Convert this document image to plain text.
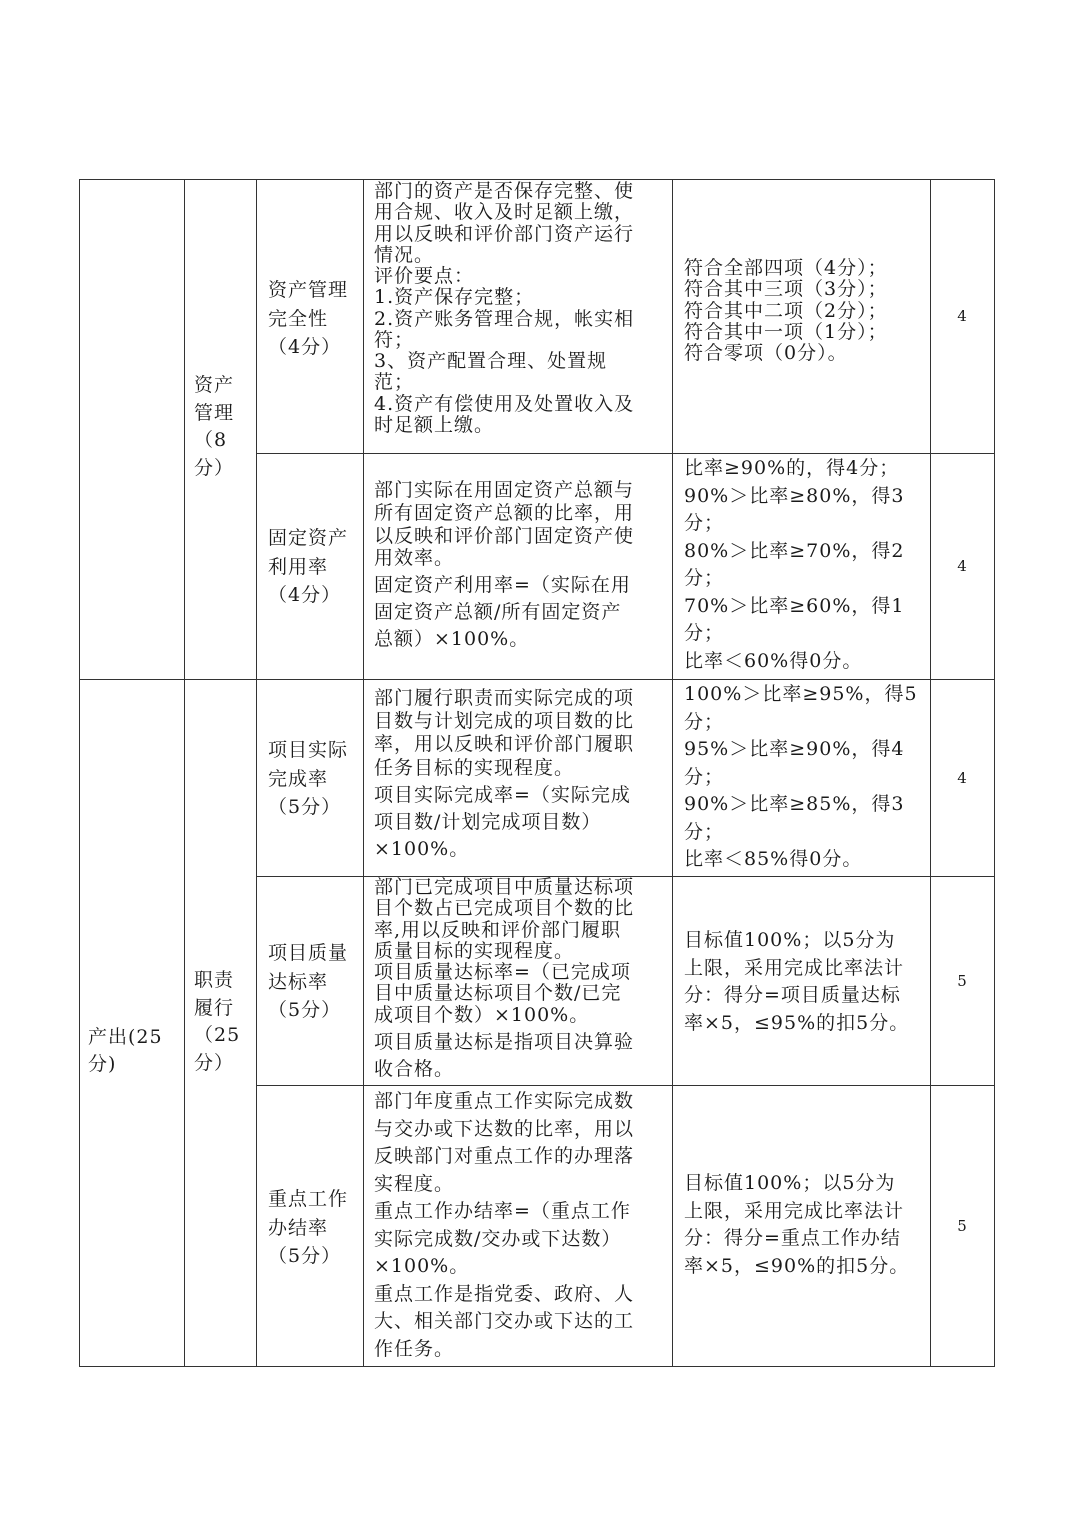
产出(25分)
资产
管理
（8
分）
职责
履行
（25
分）
资产管理
完全性
（4分）
部门的资产是否保存完整、使
用合规、收入及时足额上缴，
用以反映和评价部门资产运行
情况。
评价要点：
1.资产保存完整；
2.资产账务管理合规，帐实相
符；
3、资产配置合理、处置规
范；
4.资产有偿使用及处置收入及
时足额上缴。
符合全部四项（4分）；
符合其中三项（3分）；
符合其中二项（2分）；
符合其中一项（1分）；
符合零项（0分）。
4
固定资产
利用率
（4分）
部门实际在用固定资产总额与
所有固定资产总额的比率，用
以反映和评价部门固定资产使
用效率。
固定资产利用率=（实际在用
固定资产总额/所有固定资产
总额）×100%。
比率≥90%的，得4分；
90%＞比率≥80%，得3
分；
80%＞比率≥70%，得2
分；
70%＞比率≥60%，得1
分；
比率＜60%得0分。
4
项目实际
完成率
（5分）
部门履行职责而实际完成的项
目数与计划完成的项目数的比
率，用以反映和评价部门履职
任务目标的实现程度。
项目实际完成率=（实际完成
项目数/计划完成项目数）
×100%。
100%＞比率≥95%，得5
分；
95%＞比率≥90%，得4
分；
90%＞比率≥85%，得3
分；
比率＜85%得0分。
4
项目质量
达标率
（5分）
部门已完成项目中质量达标项
目个数占已完成项目个数的比
率,用以反映和评价部门履职
质量目标的实现程度。
项目质量达标率=（已完成项
目中质量达标项目个数/已完
成项目个数）×100%。
项目质量达标是指项目决算验
收合格。
目标值100%；以5分为
上限，采用完成比率法计
分：得分=项目质量达标
率×5，≤95%的扣5分。
5
重点工作
办结率
（5分）
部门年度重点工作实际完成数
与交办或下达数的比率，用以
反映部门对重点工作的办理落
实程度。
重点工作办结率=（重点工作
实际完成数/交办或下达数）
×100%。
重点工作是指党委、政府、人
大、相关部门交办或下达的工
作任务。
目标值100%；以5分为
上限，采用完成比率法计
分：得分=重点工作办结
率×5，≤90%的扣5分。
5
